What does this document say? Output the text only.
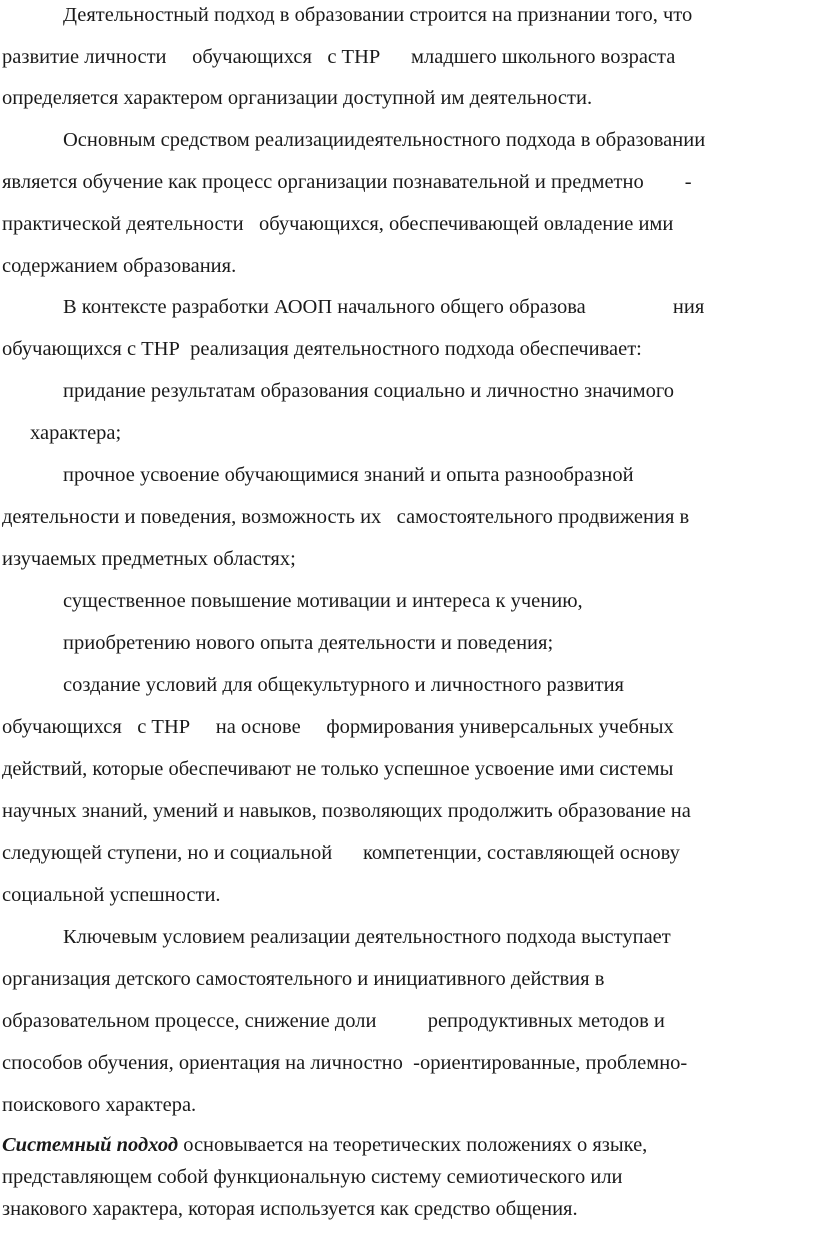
Деятельностный подход в образовании строится на признании того, что
развитие личности     обучающихся   с ТНР      младшего школьного возраста
определяется характером организации доступной им деятельности.
Основным средством реализациидеятельностного подхода в образовании
является обучение как процесс организации познавательной и предметно        -
практической деятельности   обучающихся, обеспечивающей овладение ими
содержанием образования.
В контексте разработки АООП начального общего образова                 ния
обучающихся с ТНР  реализация деятельностного подхода обеспечивает:
придание результатам образования социально и личностно значимого
характера;
прочное усвоение обучающимися знаний и опыта разнообразной
деятельности и поведения, возможность их   самостоятельного продвижения в
изучаемых предметных областях;
существенное повышение мотивации и интереса к учению,
приобретению нового опыта деятельности и поведения;
создание условий для общекультурного и личностного развития
обучающихся   с ТНР     на основе     формирования универсальных учебных
действий, которые обеспечивают не только успешное усвоение ими системы
научных знаний, умений и навыков, позволяющих продолжить образование на
следующей ступени, но и социальной      компетенции, составляющей основу
социальной успешности.
Ключевым условием реализации деятельностного подхода выступает
организация детского самостоятельного и инициативного действия в
образовательном процессе, снижение доли          репродуктивных методов и
способов обучения, ориентация на личностно  -ориентированные, проблемно-
поискового характера.
Системный подход основывается на теоретических положениях о языке,
представляющем собой функциональную систему семиотического или
знакового характера, которая используется как средство общения.
